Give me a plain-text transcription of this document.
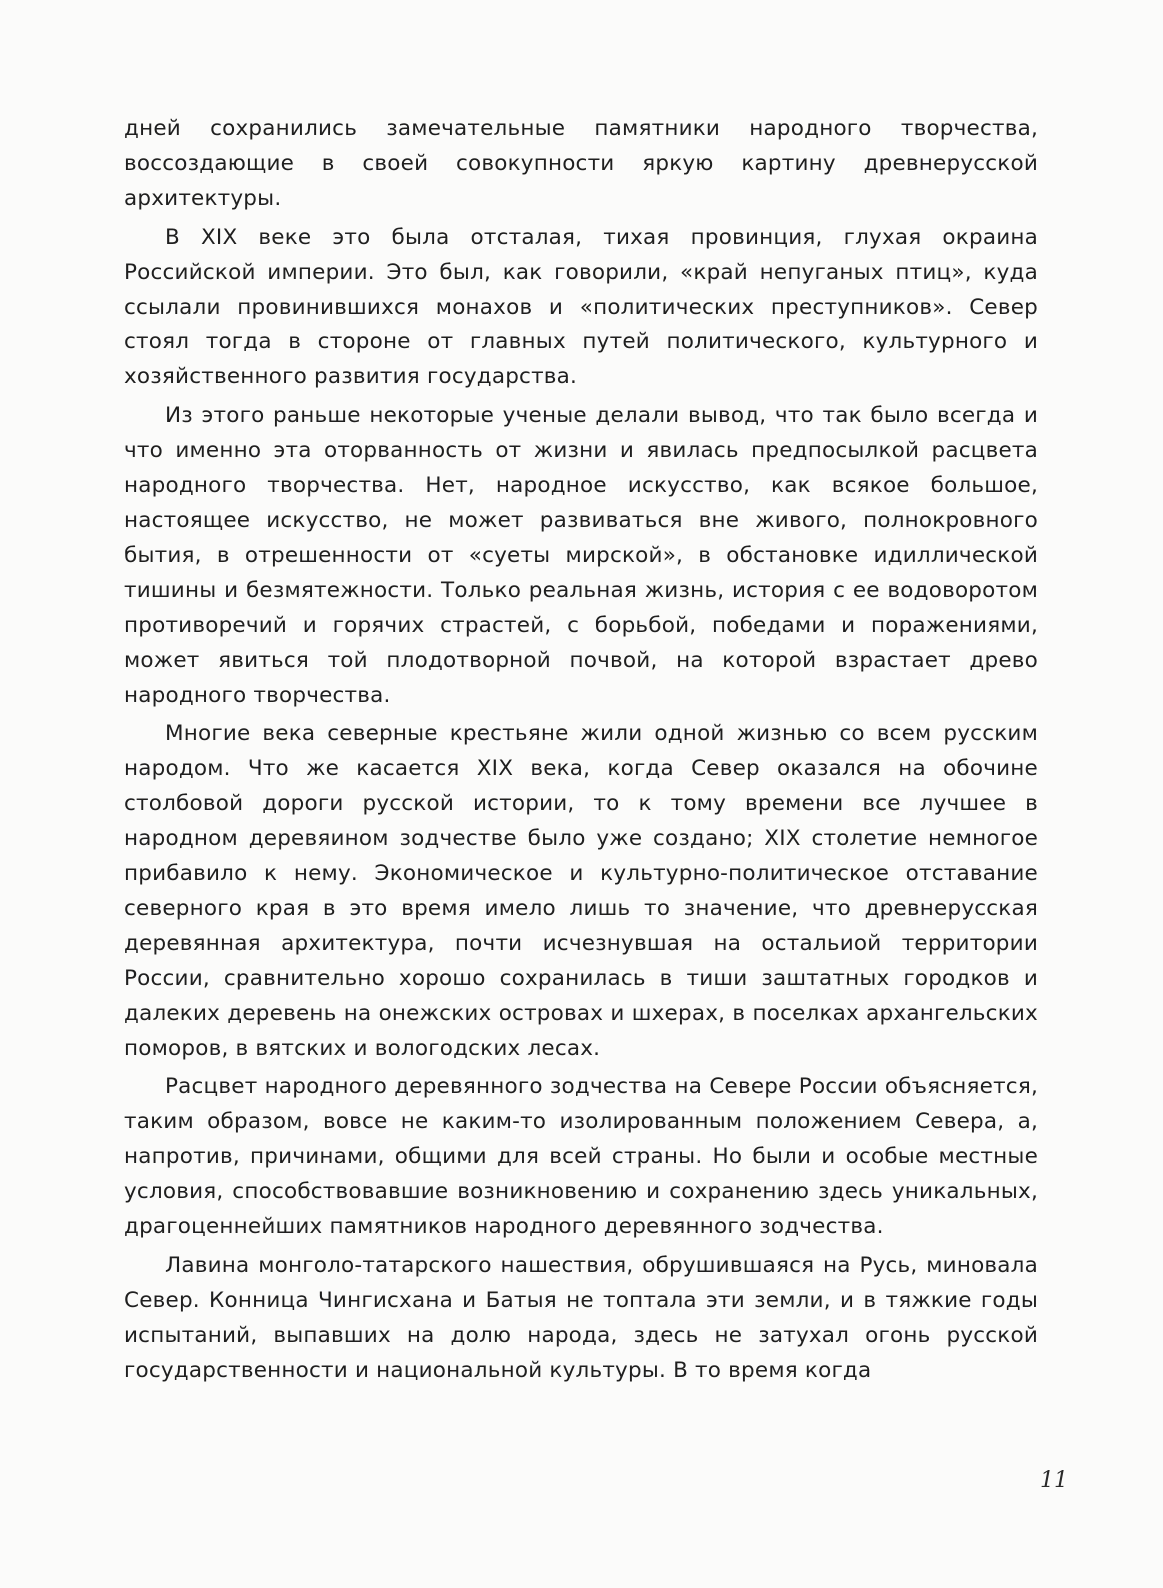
дней сохранились замечательные памятники народного творчества, воссоздающие в своей совокупности яркую картину древнерусской архитектуры.

В XIX веке это была отсталая, тихая провинция, глухая окраина Российской империи. Это был, как говорили, «край непуганых птиц», куда ссылали провинившихся монахов и «политических преступников». Север стоял тогда в стороне от главных путей политического, культурного и хозяйственного развития государства.

Из этого раньше некоторые ученые делали вывод, что так было всегда и что именно эта оторванность от жизни и явилась предпосылкой расцвета народного творчества. Нет, народное искусство, как всякое большое, настоящее искусство, не может развиваться вне живого, полнокровного бытия, в отрешенности от «суеты мирской», в обстановке идиллической тишины и безмятежности. Только реальная жизнь, история с ее водоворотом противоречий и горячих страстей, с борьбой, победами и поражениями, может явиться той плодотворной почвой, на которой взрастает древо народного творчества.

Многие века северные крестьяне жили одной жизнью со всем русским народом. Что же касается XIX века, когда Север оказался на обочине столбовой дороги русской истории, то к тому времени все лучшее в народном деревяином зодчестве было уже создано; XIX столетие немногое прибавило к нему. Экономическое и культурно-политическое отставание северного края в это время имело лишь то значение, что древнерусская деревянная архитектура, почти исчезнувшая на остальиой территории России, сравнительно хорошо сохранилась в тиши заштатных городков и далеких деревень на онежских островах и шхерах, в поселках архангельских поморов, в вятских и вологодских лесах.

Расцвет народного деревянного зодчества на Севере России объясняется, таким образом, вовсе не каким-то изолированным положением Севера, а, напротив, причинами, общими для всей страны. Но были и особые местные условия, способствовавшие возникновению и сохранению здесь уникальных, драгоценнейших памятников народного деревянного зодчества.

Лавина монголо-татарского нашествия, обрушившаяся на Русь, миновала Север. Конница Чингисхана и Батыя не топтала эти земли, и в тяжкие годы испытаний, выпавших на долю народа, здесь не затухал огонь русской государственности и национальной культуры. В то время когда

11
